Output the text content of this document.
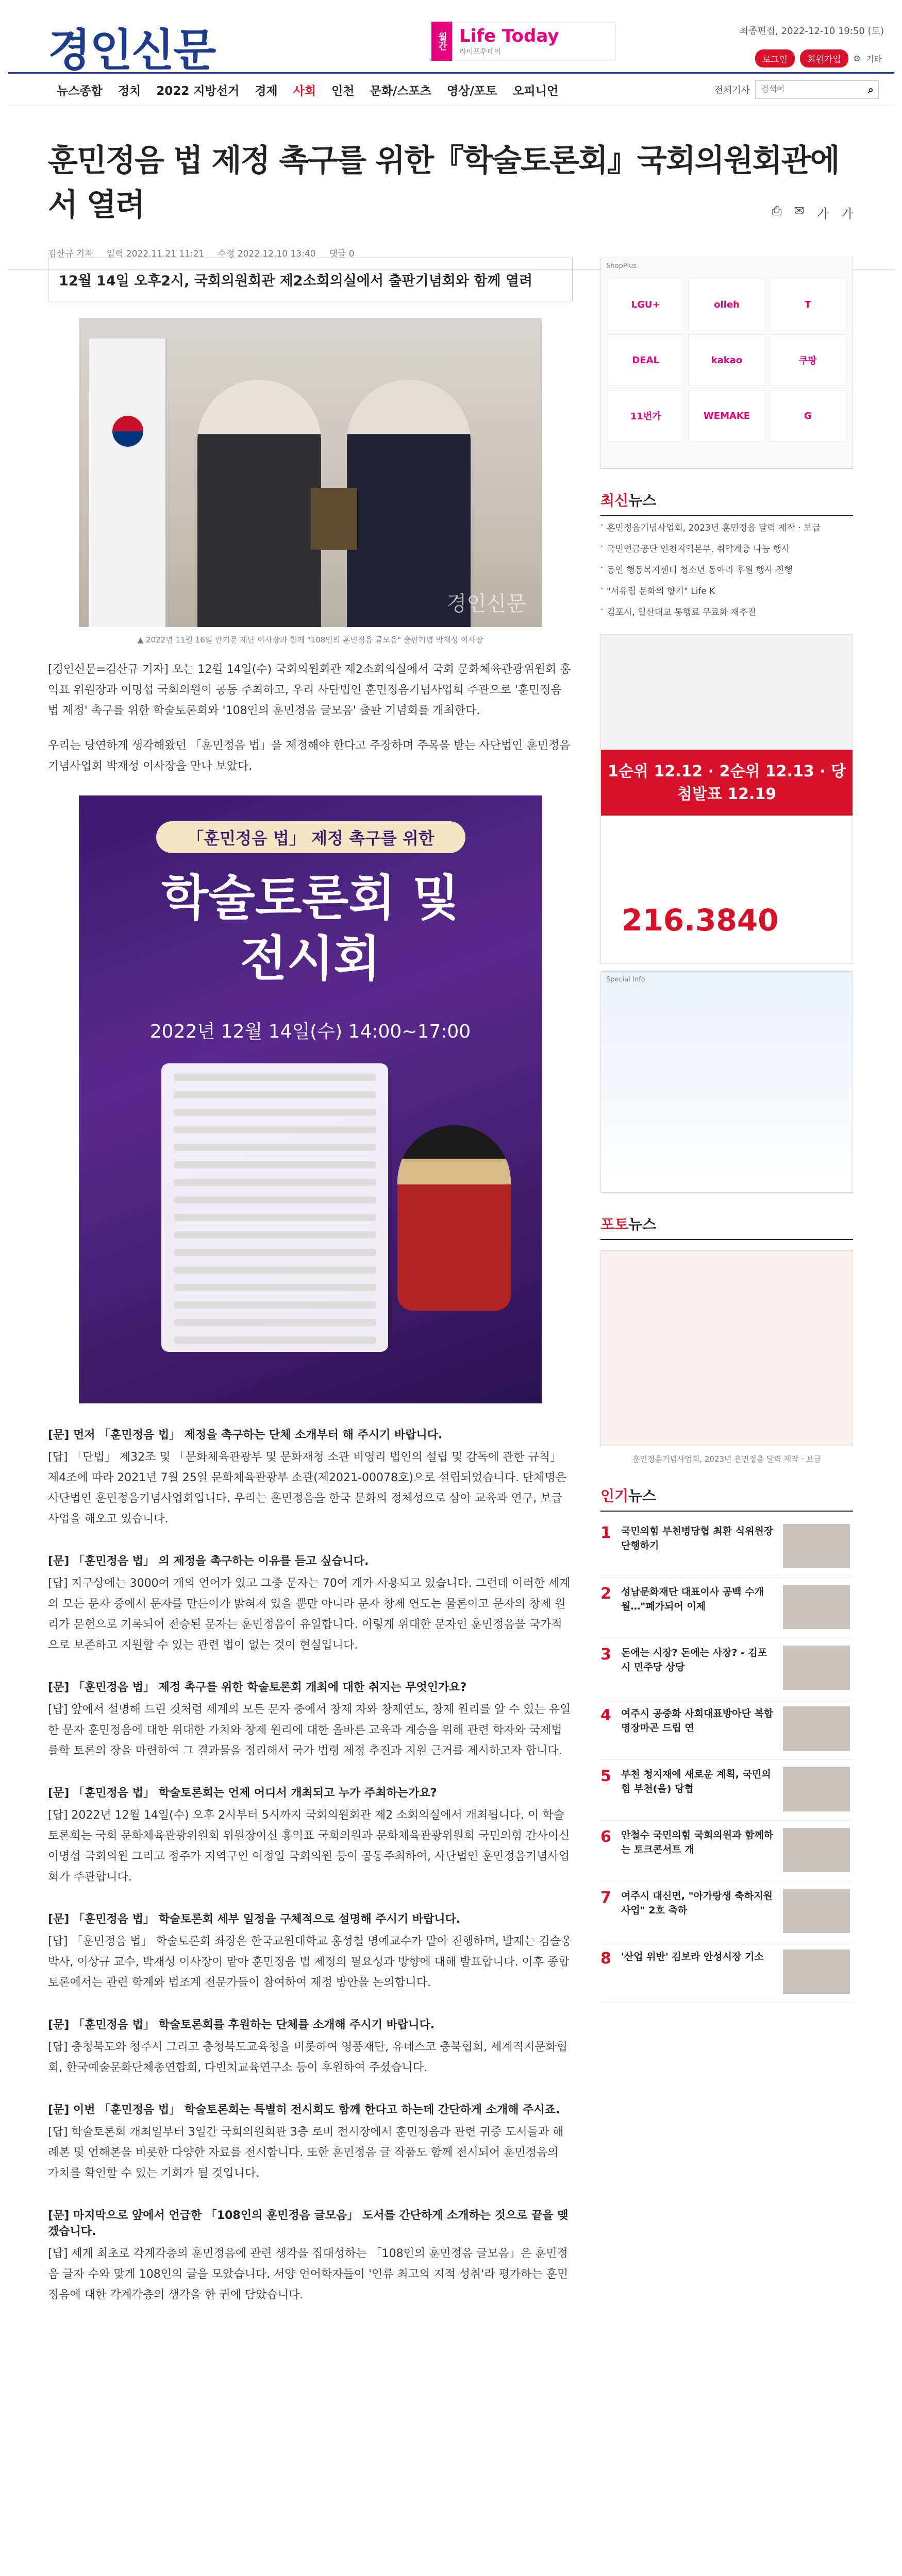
경인신문	월간 Life Today
라이프투데이
최종편집, 2022-12-10 19:50 (토)
로그인	회원가입	⚙ 기타
뉴스종합 정치 2022 지방선거 경제 사회 인천 문화/스포츠 영상/포토 오피니언	전체기사
검색어	⌕
훈민정음 법 제정 촉구를 위한『학술토론회』국회의원회관에서 열려
김산규 기자 입력 2022.11.21 11:21 수정 2022.12.10 13:40 댓글 0
⎙ ✉ 가 가
12월 14일 오후2시, 국회의원회관 제2소회의실에서 출판기념회와 함께 열려
경인신문
▲ 2022년 11월 16일 반기문 재단 이사장과 함께 "108인의 훈민정음 글모음" 출판기념 박재성 이사장

[경인신문=김산규 기자] 오는 12월 14일(수) 국회의원회관 제2소회의실에서 국회 문화체육관광위원회 홍익표 위원장과 이명섭 국회의원이 공동 주최하고, 우리 사단법인 훈민정음기념사업회 주관으로 '훈민정음법 제정' 촉구를 위한 학술토론회와 '108인의 훈민정음 글모음' 출판 기념회를 개최한다.

우리는 당연하게 생각해왔던 「훈민정음 법」을 제정해야 한다고 주장하며 주목을 받는 사단법인 훈민정음기념사업회 박재성 이사장을 만나 보았다.

「훈민정음 법」 제정 촉구를 위한
학술토론회 및
전시회
2022년 12월 14일(수) 14:00~17:00
[문] 먼저 「훈민정음 법」 제정을 촉구하는 단체 소개부터 해 주시기 바랍니다.
[답] 「단법」 제32조 및 「문화체육관광부 및 문화재청 소관 비영리 법인의 설립 및 감독에 관한 규칙」 제4조에 따라 2021년 7월 25일 문화체육관광부 소관(제2021-00078호)으로 설립되었습니다. 단체명은 사단법인 훈민정음기념사업회입니다. 우리는 훈민정음을 한국 문화의 정체성으로 삼아 교육과 연구, 보급 사업을 해오고 있습니다.
[문] 「훈민정음 법」 의 제정을 촉구하는 이유를 듣고 싶습니다.
[답] 지구상에는 3000여 개의 언어가 있고 그중 문자는 70여 개가 사용되고 있습니다. 그런데 이러한 세계의 모든 문자 중에서 문자를 만든이가 밝혀져 있을 뿐만 아니라 문자 창제 연도는 물론이고 문자의 창제 원리가 문헌으로 기록되어 전승된 문자는 훈민정음이 유일합니다. 이렇게 위대한 문자인 훈민정음을 국가적으로 보존하고 지원할 수 있는 관련 법이 없는 것이 현실입니다.
[문] 「훈민정음 법」 제정 촉구를 위한 학술토론회 개최에 대한 취지는 무엇인가요?
[답] 앞에서 설명해 드린 것처럼 세계의 모든 문자 중에서 창제 자와 창제연도, 창제 원리를 알 수 있는 유일한 문자 훈민정음에 대한 위대한 가치와 창제 원리에 대한 올바른 교육과 계승을 위해 관련 학자와 국제법률학 토론의 장을 마련하여 그 결과물을 정리해서 국가 법령 제정 추진과 지원 근거를 제시하고자 합니다.
[문] 「훈민정음 법」 학술토론회는 언제 어디서 개최되고 누가 주최하는가요?
[답] 2022년 12월 14일(수) 오후 2시부터 5시까지 국회의원회관 제2 소회의실에서 개최됩니다. 이 학술토론회는 국회 문화체육관광위원회 위원장이신 홍익표 국회의원과 문화체육관광위원회 국민의힘 간사이신 이명섭 국회의원 그리고 정주가 지역구인 이정일 국회의원 등이 공동주최하여, 사단법인 훈민정음기념사업회가 주관합니다.
[문] 「훈민정음 법」 학술토론회 세부 일정을 구체적으로 설명해 주시기 바랍니다.
[답] 「훈민정음 법」 학술토론회 좌장은 한국교원대학교 홍성철 명예교수가 맡아 진행하며, 발제는 김슬옹 박사, 이상규 교수, 박재성 이사장이 맡아 훈민정음 법 제정의 필요성과 방향에 대해 발표합니다. 이후 종합토론에서는 관련 학계와 법조계 전문가들이 참여하여 제정 방안을 논의합니다.
[문] 「훈민정음 법」 학술토론회를 후원하는 단체를 소개해 주시기 바랍니다.
[답] 충청북도와 청주시 그리고 충청북도교육청을 비롯하여 영풍재단, 유네스코 충북협회, 세계직지문화협회, 한국예술문화단체총연합회, 다빈치교육연구소 등이 후원하여 주셨습니다.
[문] 이번 「훈민정음 법」 학술토론회는 특별히 전시회도 함께 한다고 하는데 간단하게 소개해 주시죠.
[답] 학술토론회 개최일부터 3일간 국회의원회관 3층 로비 전시장에서 훈민정음과 관련 귀중 도서들과 해례본 및 언해본을 비롯한 다양한 자료를 전시합니다. 또한 훈민정음 글 작품도 함께 전시되어 훈민정음의 가치를 확인할 수 있는 기회가 될 것입니다.
[문] 마지막으로 앞에서 언급한 「108인의 훈민정음 글모음」 도서를 간단하게 소개하는 것으로 끝을 맺겠습니다.
[답] 세계 최초로 각계각층의 훈민정음에 관련 생각을 집대성하는 「108인의 훈민정음 글모음」은 훈민정음 글자 수와 맞게 108인의 글을 모았습니다. 서양 언어학자들이 '인류 최고의 지적 성취'라 평가하는 훈민정음에 대한 각계각층의 생각을 한 권에 담았습니다.
ShopPlus
LGU+	olleh	T
DEAL	kakao	쿠팡
11번가	WEMAKE	G
최신뉴스
· 훈민정음기념사업회, 2023년 훈민정음 달력 제작 · 보급
· 국민연금공단 인천지역본부, 취약계층 나눔 행사
· 동인 행동복지센터 청소년 동아리 후원 행사 진행
· "서유럽 문화의 향기" Life K
· 김포시, 일산대교 통행료 무료화 재추진
1순위 12.12 · 2순위 12.13 · 당첨발표 12.19
216.3840
Special Info
포토뉴스
훈민정음기념사업회, 2023년 훈민정음 달력 제작 · 보급
인기뉴스
1	국민의힘 부천병당협 최환 식위원장 단행하기
2	성남문화재단 대표이사 공백 수개월…"폐가되어 이제
3	돈에는 시장? 돈에는 사장? - 김포시 민주당 상당
4	여주시 공중화 사회대표방아단 복합명장마곤 드립 연
5	부천 청지재에 새로운 계획, 국민의힘 부천(을) 당협
6	안철수 국민의힘 국회의원과 함께하는 토크콘서트 개
7	여주시 대신면, "아가랑생 축하지원사업" 2호 축하
8	'산업 위반' 김보라 안성시장 기소
